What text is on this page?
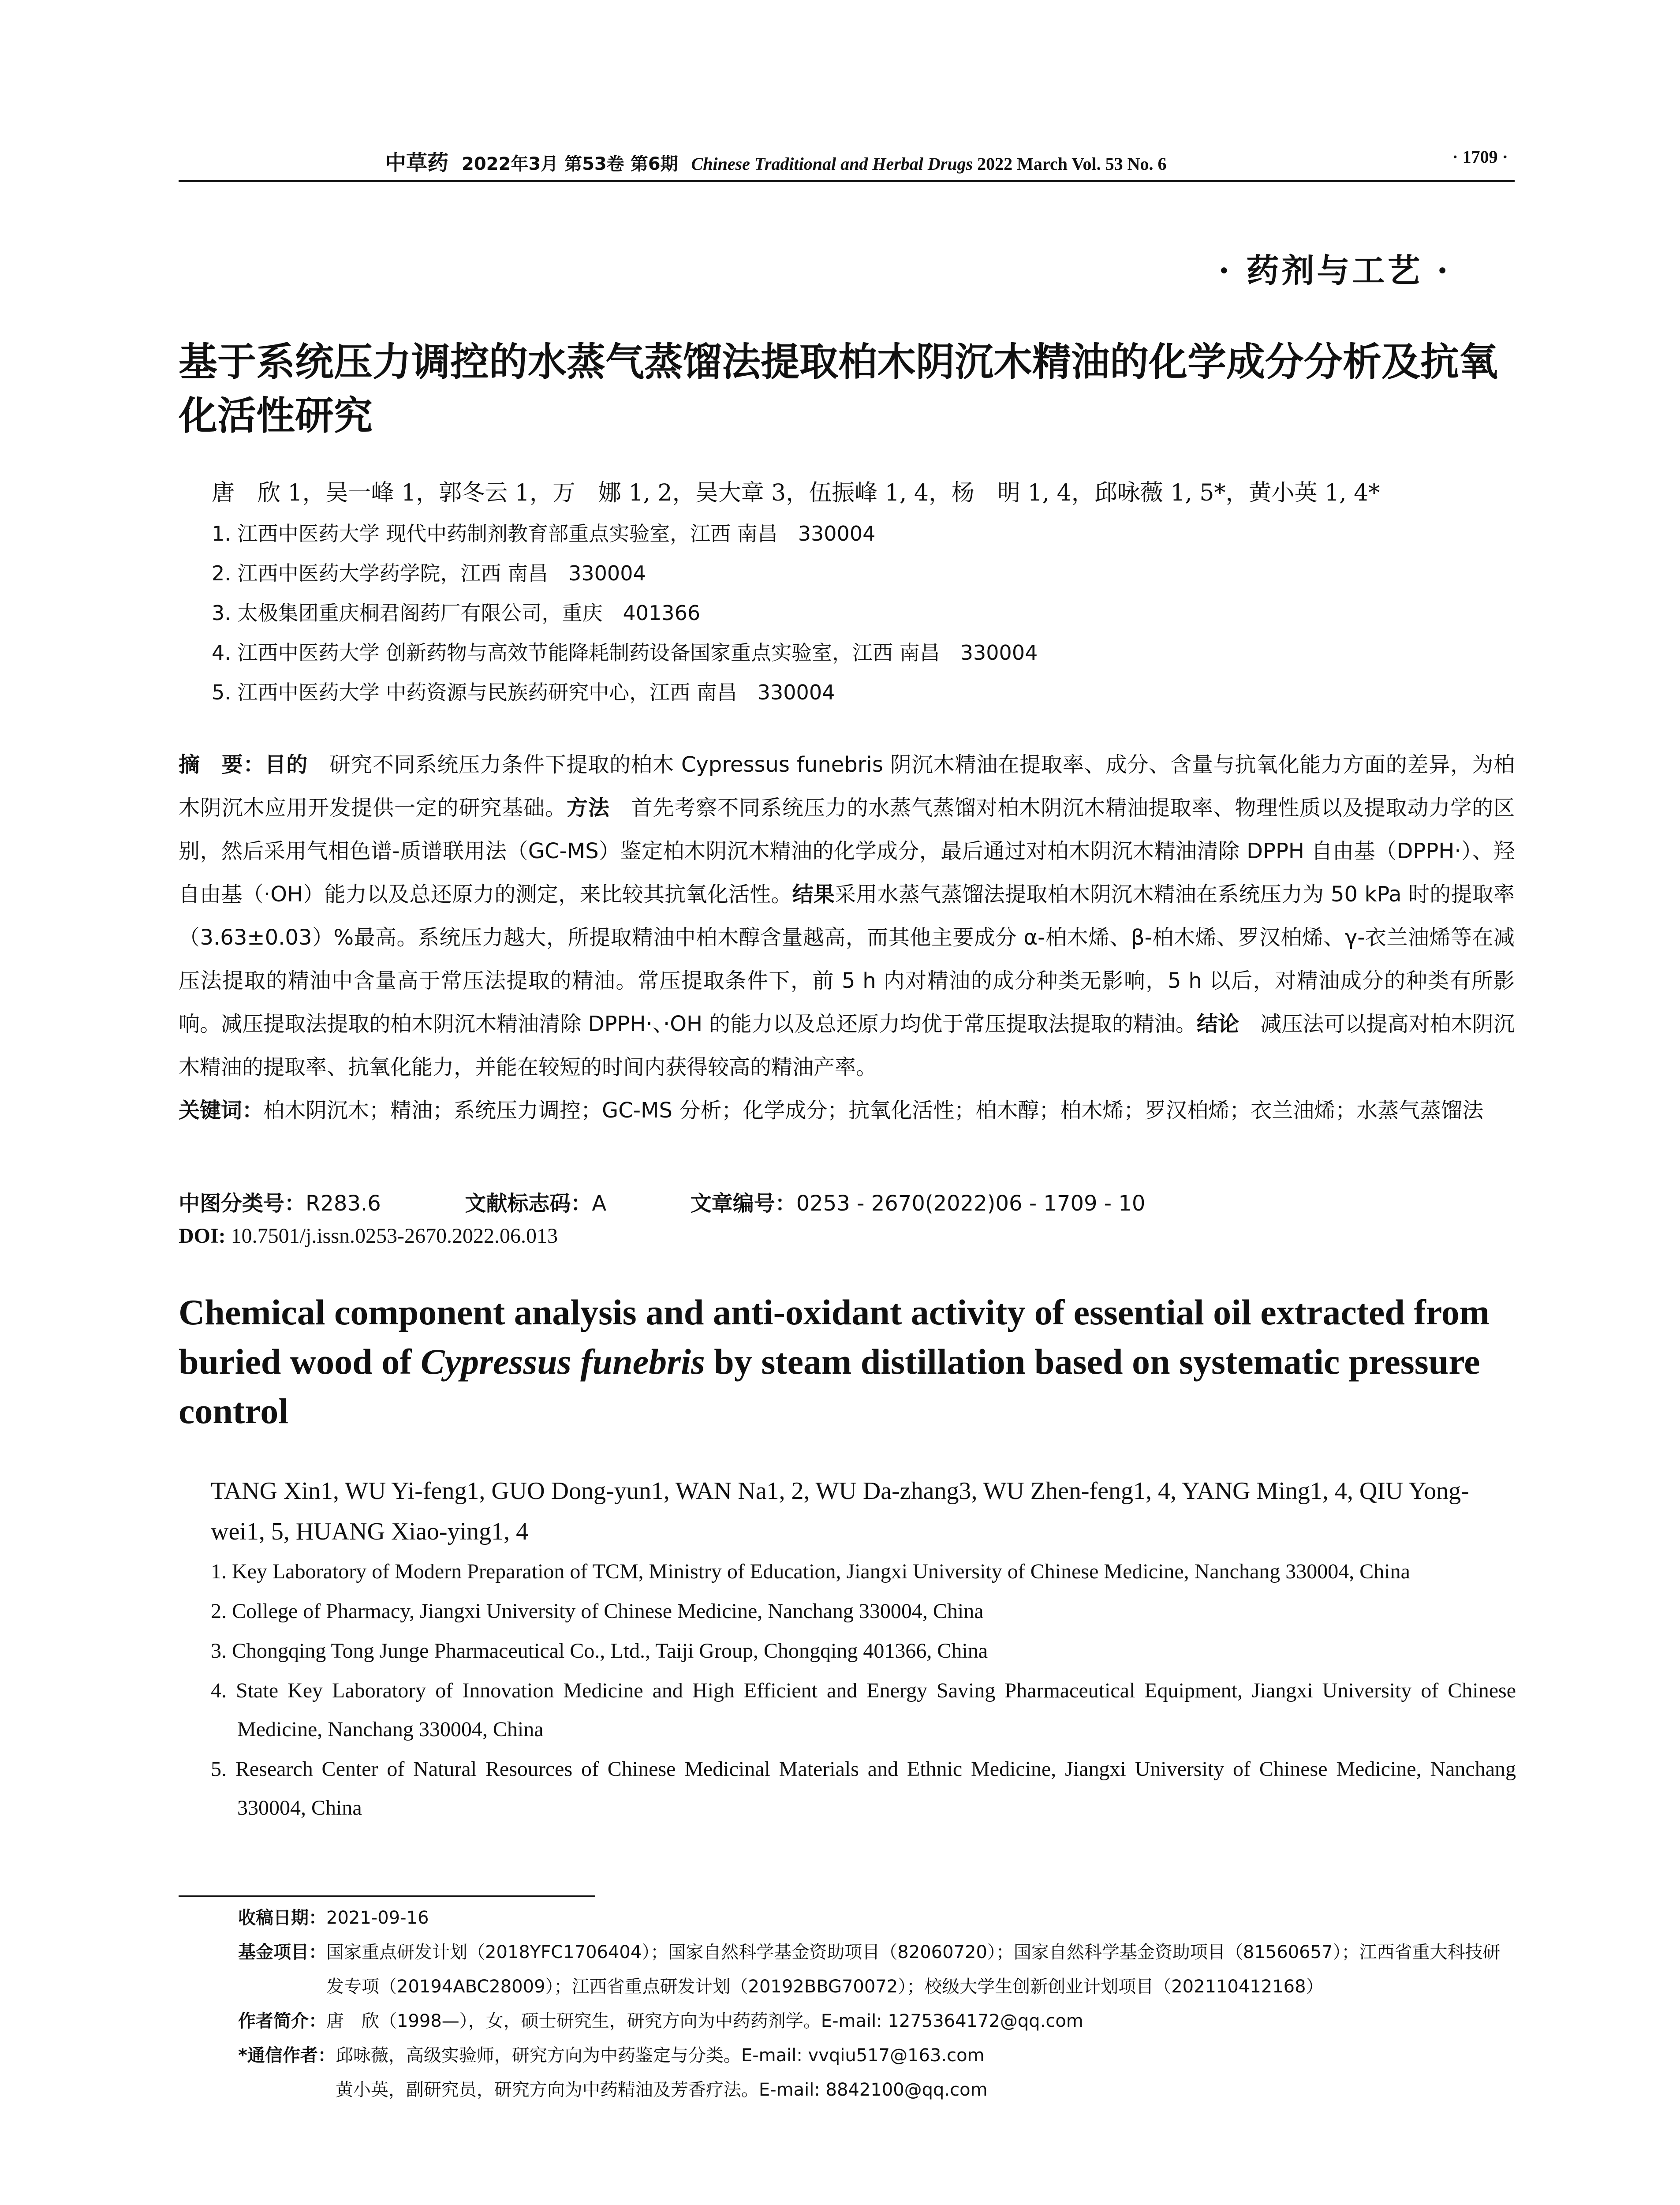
中草药 2022年3月 第53卷 第6期 Chinese Traditional and Herbal Drugs 2022 March Vol. 53 No. 6	· 1709 ·
· 药剂与工艺 ·
基于系统压力调控的水蒸气蒸馏法提取柏木阴沉木精油的化学成分分析及抗氧化活性研究
唐　欣 1，吴一峰 1，郭冬云 1，万　娜 1, 2，吴大章 3，伍振峰 1, 4，杨　明 1, 4，邱咏薇 1, 5*，黄小英 1, 4*
1. 江西中医药大学 现代中药制剂教育部重点实验室，江西 南昌　330004
2. 江西中医药大学药学院，江西 南昌　330004
3. 太极集团重庆桐君阁药厂有限公司，重庆　401366
4. 江西中医药大学 创新药物与高效节能降耗制药设备国家重点实验室，江西 南昌　330004
5. 江西中医药大学 中药资源与民族药研究中心，江西 南昌　330004
摘　要：目的　研究不同系统压力条件下提取的柏木 Cypressus funebris 阴沉木精油在提取率、成分、含量与抗氧化能力方面的差异，为柏木阴沉木应用开发提供一定的研究基础。方法　首先考察不同系统压力的水蒸气蒸馏对柏木阴沉木精油提取率、物理性质以及提取动力学的区别，然后采用气相色谱-质谱联用法（GC-MS）鉴定柏木阴沉木精油的化学成分，最后通过对柏木阴沉木精油清除 DPPH 自由基（DPPH·）、羟自由基（·OH）能力以及总还原力的测定，来比较其抗氧化活性。结果采用水蒸气蒸馏法提取柏木阴沉木精油在系统压力为 50 kPa 时的提取率（3.63±0.03）%最高。系统压力越大，所提取精油中柏木醇含量越高，而其他主要成分 α-柏木烯、β-柏木烯、罗汉柏烯、γ-衣兰油烯等在减压法提取的精油中含量高于常压法提取的精油。常压提取条件下，前 5 h 内对精油的成分种类无影响，5 h 以后，对精油成分的种类有所影响。减压提取法提取的柏木阴沉木精油清除 DPPH·、·OH 的能力以及总还原力均优于常压提取法提取的精油。结论　减压法可以提高对柏木阴沉木精油的提取率、抗氧化能力，并能在较短的时间内获得较高的精油产率。
关键词：柏木阴沉木；精油；系统压力调控；GC-MS 分析；化学成分；抗氧化活性；柏木醇；柏木烯；罗汉柏烯；衣兰油烯；水蒸气蒸馏法
中图分类号：R283.6	文献标志码：A	文章编号：0253 - 2670(2022)06 - 1709 - 10
DOI: 10.7501/j.issn.0253-2670.2022.06.013
Chemical component analysis and anti-oxidant activity of essential oil extracted from buried wood of Cypressus funebris by steam distillation based on systematic pressure control
TANG Xin1, WU Yi-feng1, GUO Dong-yun1, WAN Na1, 2, WU Da-zhang3, WU Zhen-feng1, 4, YANG Ming1, 4, QIU Yong-wei1, 5, HUANG Xiao-ying1, 4
1. Key Laboratory of Modern Preparation of TCM, Ministry of Education, Jiangxi University of Chinese Medicine, Nanchang 330004, China
2. College of Pharmacy, Jiangxi University of Chinese Medicine, Nanchang 330004, China
3. Chongqing Tong Junge Pharmaceutical Co., Ltd., Taiji Group, Chongqing 401366, China
4. State Key Laboratory of Innovation Medicine and High Efficient and Energy Saving Pharmaceutical Equipment, Jiangxi University of Chinese Medicine, Nanchang 330004, China
5. Research Center of Natural Resources of Chinese Medicinal Materials and Ethnic Medicine, Jiangxi University of Chinese Medicine, Nanchang 330004, China
收稿日期： 2021-09-16
基金项目： 国家重点研发计划（2018YFC1706404）；国家自然科学基金资助项目（82060720）；国家自然科学基金资助项目（81560657）；江西省重大科技研发专项（20194ABC28009）；江西省重点研发计划（20192BBG70072）；校级大学生创新创业计划项目（202110412168）
作者简介： 唐　欣（1998—），女，硕士研究生，研究方向为中药药剂学。E-mail: 1275364172@qq.com
*通信作者： 邱咏薇，高级实验师，研究方向为中药鉴定与分类。E-mail: vvqiu517@163.com
黄小英，副研究员，研究方向为中药精油及芳香疗法。E-mail: 8842100@qq.com
